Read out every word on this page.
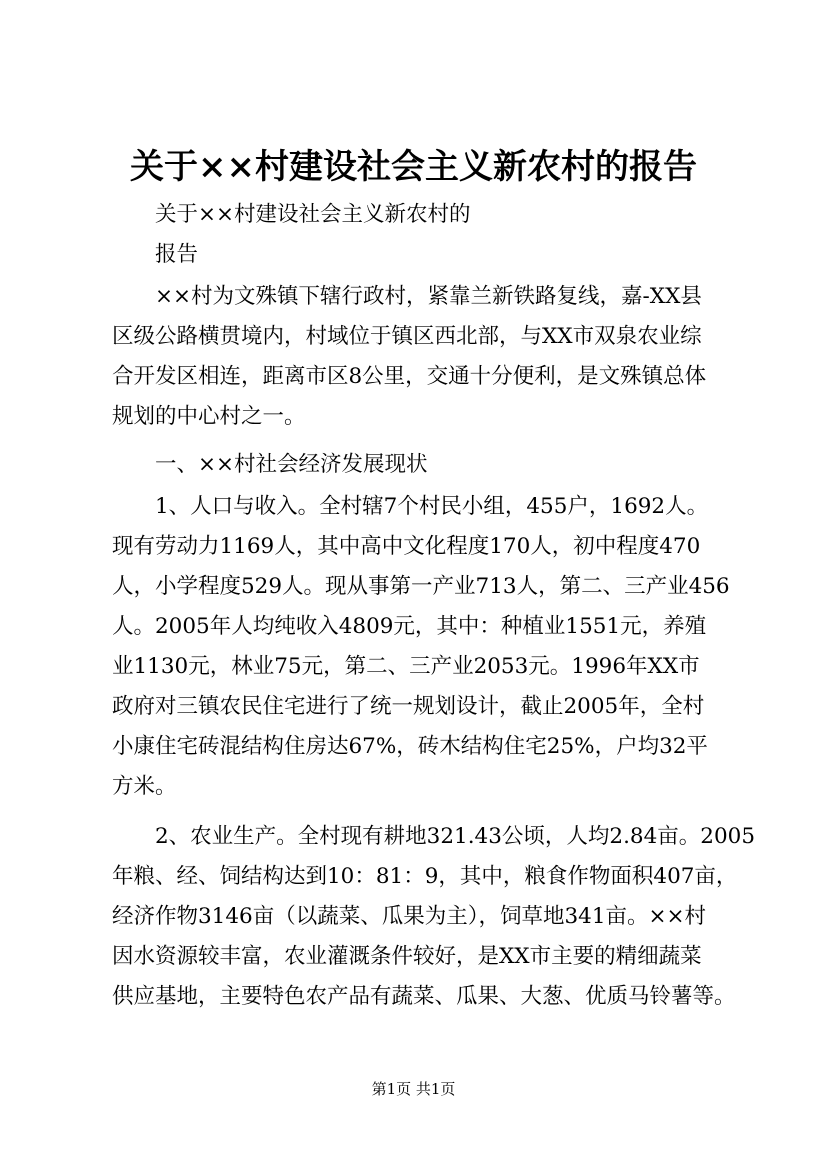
关于××村建设社会主义新农村的报告

关于××村建设社会主义新农村的

报告

××村为文殊镇下辖行政村，紧靠兰新铁路复线，嘉-XX县

区级公路横贯境内，村域位于镇区西北部，与XX市双泉农业综

合开发区相连，距离市区8公里，交通十分便利，是文殊镇总体

规划的中心村之一。

一、××村社会经济发展现状

1、人口与收入。全村辖7个村民小组，455户，1692人。

现有劳动力1169人，其中高中文化程度170人，初中程度470

人，小学程度529人。现从事第一产业713人，第二、三产业456

人。2005年人均纯收入4809元，其中：种植业1551元，养殖

业1130元，林业75元，第二、三产业2053元。1996年XX市

政府对三镇农民住宅进行了统一规划设计，截止2005年，全村

小康住宅砖混结构住房达67%，砖木结构住宅25%，户均32平

方米。

2、农业生产。全村现有耕地321.43公顷，人均2.84亩。2005

年粮、经、饲结构达到10：81：9，其中，粮食作物面积407亩，

经济作物3146亩（以蔬菜、瓜果为主），饲草地341亩。××村

因水资源较丰富，农业灌溉条件较好，是XX市主要的精细蔬菜

供应基地，主要特色农产品有蔬菜、瓜果、大葱、优质马铃薯等。

第1页 共1页
